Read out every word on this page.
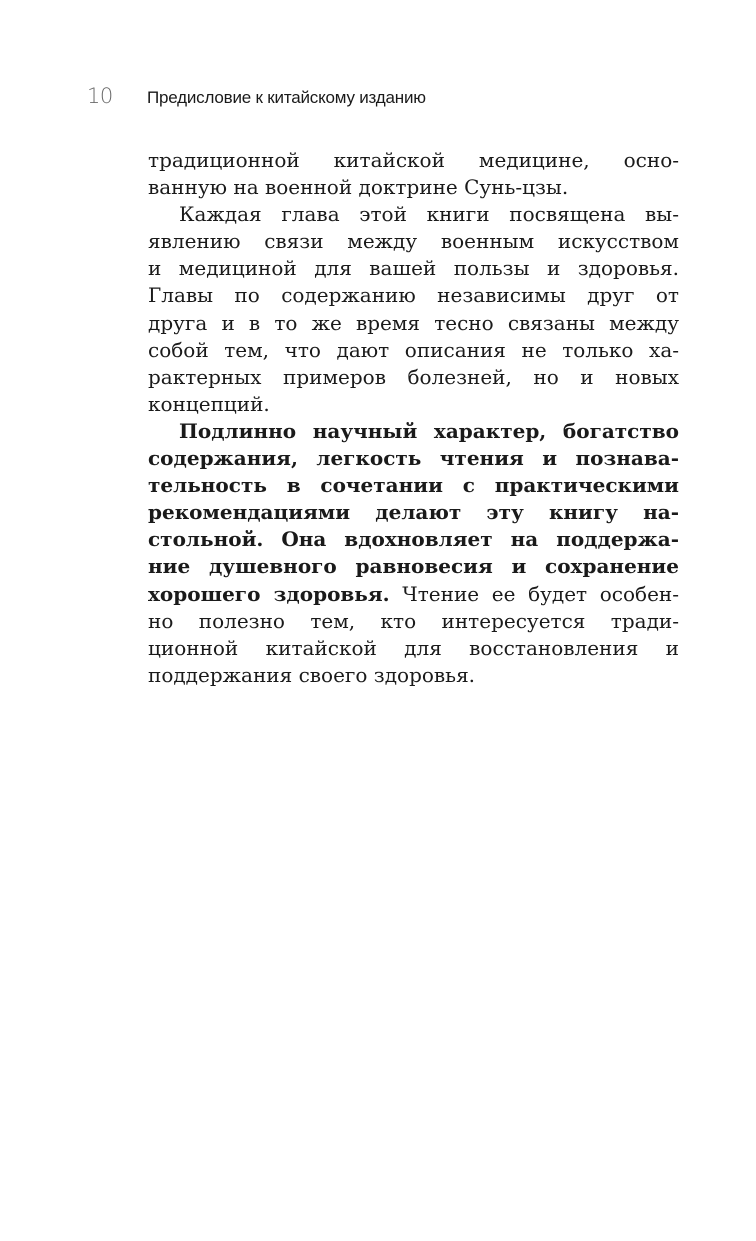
10	Предисловие к китайскому изданию
традиционной китайской медицине, осно-
ванную на военной доктрине Сунь-цзы.
Каждая глава этой книги посвящена вы-
явлению связи между военным искусством
и медициной для вашей пользы и здоровья.
Главы по содержанию независимы друг от
друга и в то же время тесно связаны между
собой тем, что дают описания не только ха-
рактерных примеров болезней, но и новых
концепций.
Подлинно научный характер, богатство
содержания, легкость чтения и познава-
тельность в сочетании с практическими
рекомендациями делают эту книгу на-
стольной. Она вдохновляет на поддержа-
ние душевного равновесия и сохранение
хорошего здоровья. Чтение ее будет особен-
но полезно тем, кто интересуется тради-
ционной китайской для восстановления и
поддержания своего здоровья.
